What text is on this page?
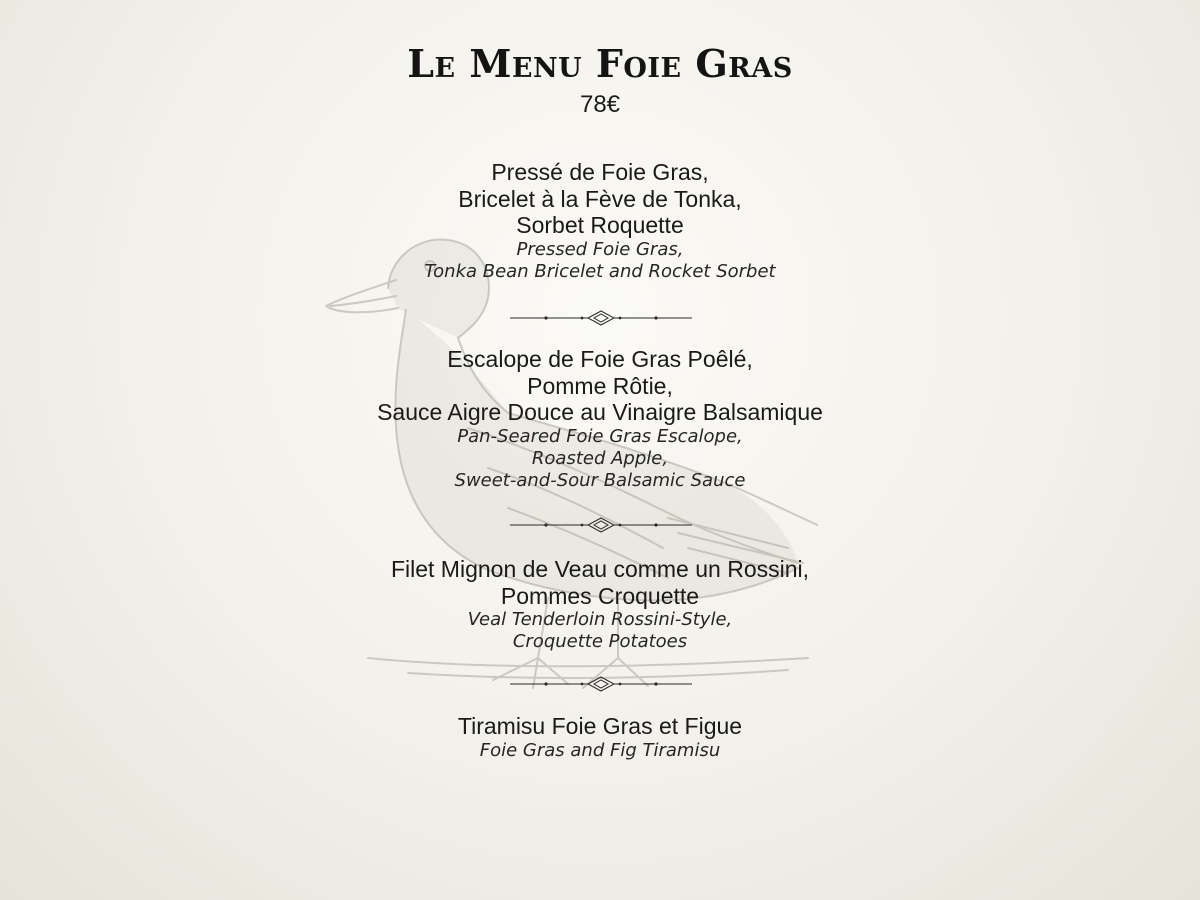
Le Menu Foie Gras
78€
Pressé de Foie Gras,
Bricelet à la Fève de Tonka,
Sorbet Roquette
Pressed Foie Gras,
Tonka Bean Bricelet and Rocket Sorbet
Escalope de Foie Gras Poêlé,
Pomme Rôtie,
Sauce Aigre Douce au Vinaigre Balsamique
Pan-Seared Foie Gras Escalope,
Roasted Apple,
Sweet-and-Sour Balsamic Sauce
Filet Mignon de Veau comme un Rossini,
Pommes Croquette
Veal Tenderloin Rossini-Style,
Croquette Potatoes
Tiramisu Foie Gras et Figue
Foie Gras and Fig Tiramisu
